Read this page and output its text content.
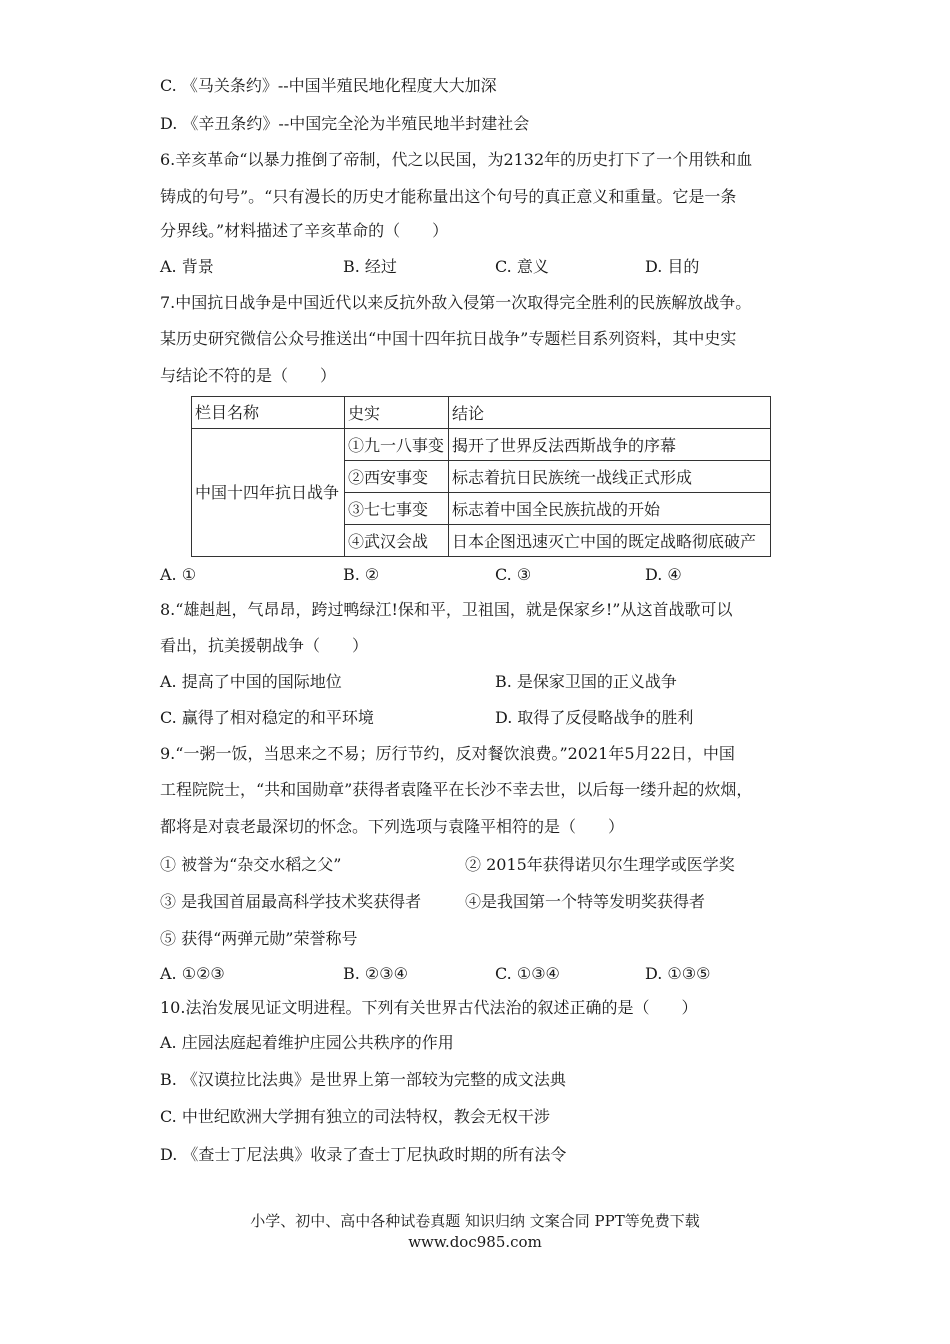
C. 《马关条约》--中国半殖民地化程度大大加深
D. 《辛丑条约》--中国完全沦为半殖民地半封建社会
6.辛亥革命“以暴力推倒了帝制，代之以民国，为2132年的历史打下了一个用铁和血
铸成的句号”。“只有漫长的历史才能称量出这个句号的真正意义和重量。它是一条
分界线。”材料描述了辛亥革命的（　　）
A. 背景	B. 经过	C. 意义	D. 目的
7.中国抗日战争是中国近代以来反抗外敌入侵第一次取得完全胜利的民族解放战争。
某历史研究微信公众号推送出“中国十四年抗日战争”专题栏目系列资料，其中史实
与结论不符的是（　　）
栏目名称	史实	结论
中国十四年抗日战争	①九一八事变	揭开了世界反法西斯战争的序幕
	②西安事变	标志着抗日民族统一战线正式形成
	③七七事变	标志着中国全民族抗战的开始
	④武汉会战	日本企图迅速灭亡中国的既定战略彻底破产
A. ①	B. ②	C. ③	D. ④
8.“雄赳赳，气昂昂，跨过鸭绿江!保和平，卫祖国，就是保家乡!”从这首战歌可以
看出，抗美援朝战争（　　）
A. 提高了中国的国际地位	B. 是保家卫国的正义战争
C. 赢得了相对稳定的和平环境	D. 取得了反侵略战争的胜利
9.“一粥一饭，当思来之不易；厉行节约，反对餐饮浪费。”2021年5月22日，中国
工程院院士，“共和国勋章”获得者袁隆平在长沙不幸去世，以后每一缕升起的炊烟，
都将是对袁老最深切的怀念。下列选项与袁隆平相符的是（　　）
① 被誉为“杂交水稻之父”	② 2015年获得诺贝尔生理学或医学奖
③ 是我国首届最高科学技术奖获得者	④是我国第一个特等发明奖获得者
⑤ 获得“两弹元勋”荣誉称号
A. ①②③	B. ②③④	C. ①③④	D. ①③⑤
10.法治发展见证文明进程。下列有关世界古代法治的叙述正确的是（　　）
A. 庄园法庭起着维护庄园公共秩序的作用
B. 《汉谟拉比法典》是世界上第一部较为完整的成文法典
C. 中世纪欧洲大学拥有独立的司法特权，教会无权干涉
D. 《查士丁尼法典》收录了查士丁尼执政时期的所有法令
小学、初中、高中各种试卷真题 知识归纳 文案合同 PPT等免费下载
www.doc985.com
